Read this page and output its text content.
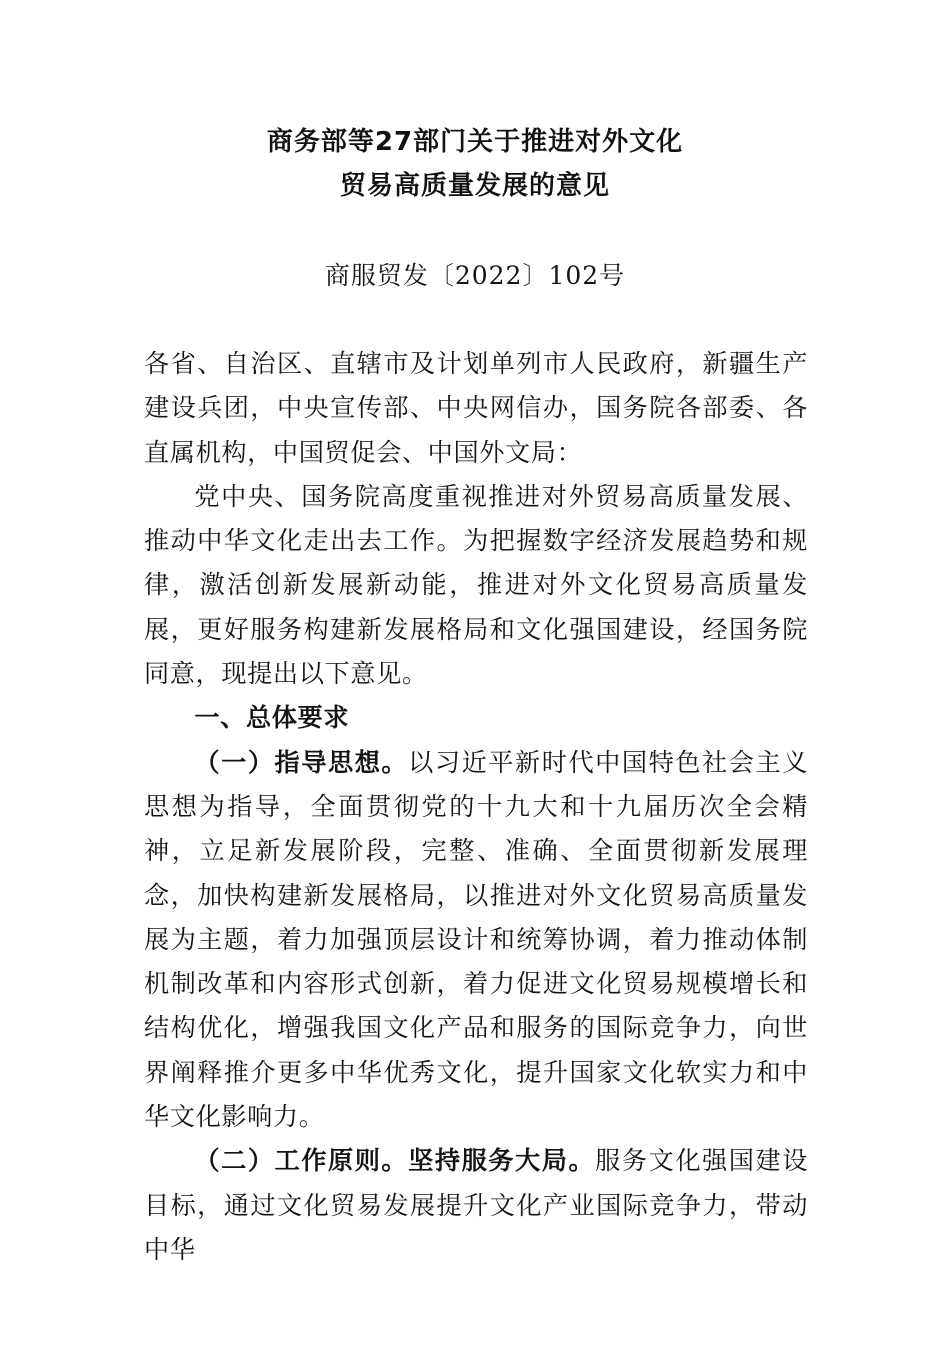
商务部等27部门关于推进对外文化
贸易高质量发展的意见
商服贸发〔2022〕102号

各省、自治区、直辖市及计划单列市人民政府，新疆生产建设兵团，中央宣传部、中央网信办，国务院各部委、各直属机构，中国贸促会、中国外文局：

党中央、国务院高度重视推进对外贸易高质量发展、推动中华文化走出去工作。为把握数字经济发展趋势和规律，激活创新发展新动能，推进对外文化贸易高质量发展，更好服务构建新发展格局和文化强国建设，经国务院同意，现提出以下意见。

一、总体要求

（一）指导思想。以习近平新时代中国特色社会主义思想为指导，全面贯彻党的十九大和十九届历次全会精神，立足新发展阶段，完整、准确、全面贯彻新发展理念，加快构建新发展格局，以推进对外文化贸易高质量发展为主题，着力加强顶层设计和统筹协调，着力推动体制机制改革和内容形式创新，着力促进文化贸易规模增长和结构优化，增强我国文化产品和服务的国际竞争力，向世界阐释推介更多中华优秀文化，提升国家文化软实力和中华文化影响力。

（二）工作原则。坚持服务大局。服务文化强国建设目标，通过文化贸易发展提升文化产业国际竞争力，带动中华
